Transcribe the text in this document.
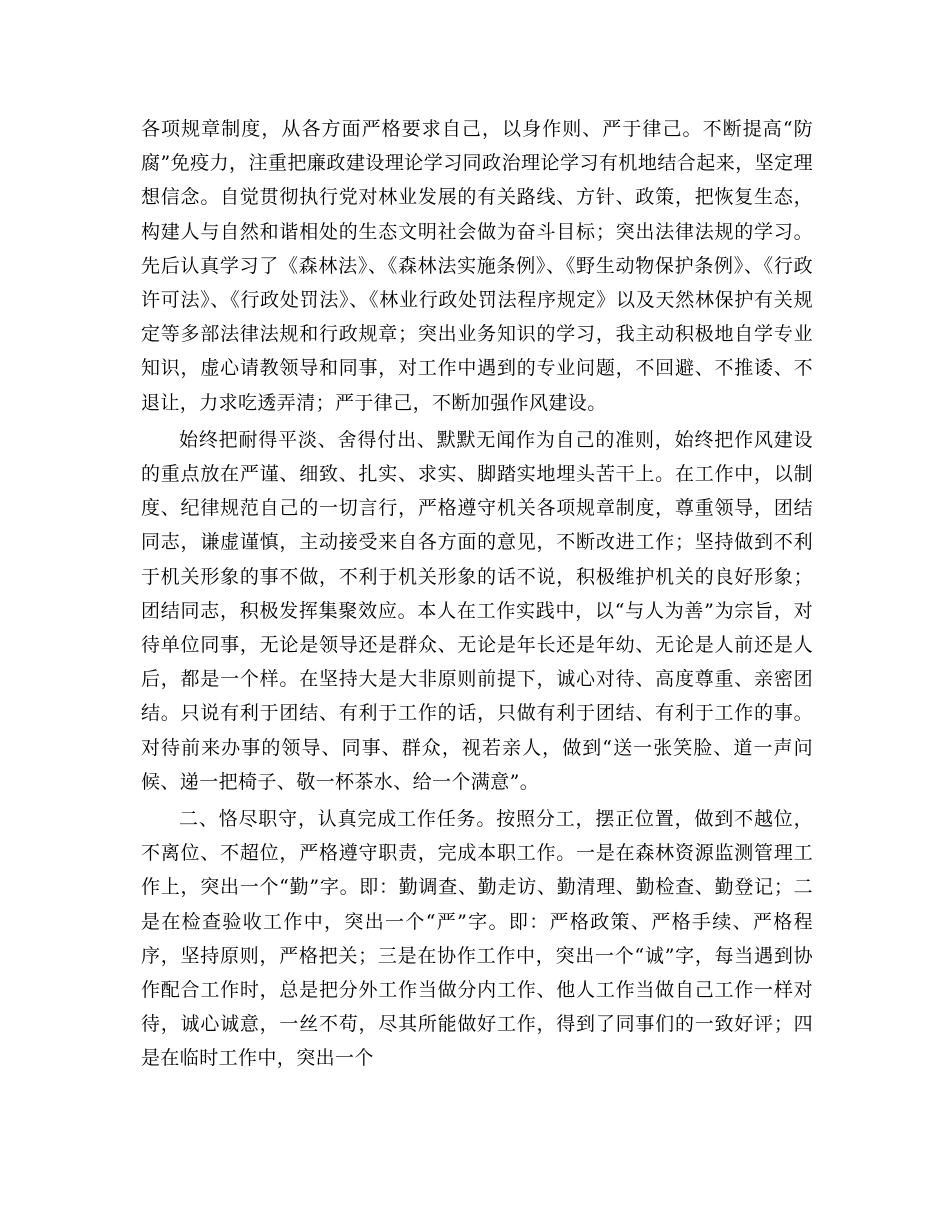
各项规章制度，从各方面严格要求自己，以身作则、严于律己。不断提高“防腐”免疫力，注重把廉政建设理论学习同政治理论学习有机地结合起来，坚定理想信念。自觉贯彻执行党对林业发展的有关路线、方针、政策，把恢复生态，构建人与自然和谐相处的生态文明社会做为奋斗目标；突出法律法规的学习。先后认真学习了《森林法》、《森林法实施条例》、《野生动物保护条例》、《行政许可法》、《行政处罚法》、《林业行政处罚法程序规定》以及天然林保护有关规定等多部法律法规和行政规章；突出业务知识的学习，我主动积极地自学专业知识，虚心请教领导和同事，对工作中遇到的专业问题，不回避、不推诿、不退让，力求吃透弄清；严于律己，不断加强作风建设。

始终把耐得平淡、舍得付出、默默无闻作为自己的准则，始终把作风建设的重点放在严谨、细致、扎实、求实、脚踏实地埋头苦干上。在工作中，以制度、纪律规范自己的一切言行，严格遵守机关各项规章制度，尊重领导，团结同志，谦虚谨慎，主动接受来自各方面的意见，不断改进工作；坚持做到不利于机关形象的事不做，不利于机关形象的话不说，积极维护机关的良好形象；团结同志，积极发挥集聚效应。本人在工作实践中，以“与人为善”为宗旨，对待单位同事，无论是领导还是群众、无论是年长还是年幼、无论是人前还是人后，都是一个样。在坚持大是大非原则前提下，诚心对待、高度尊重、亲密团结。只说有利于团结、有利于工作的话，只做有利于团结、有利于工作的事。对待前来办事的领导、同事、群众，视若亲人，做到“送一张笑脸、道一声问候、递一把椅子、敬一杯茶水、给一个满意”。

二、恪尽职守，认真完成工作任务。按照分工，摆正位置，做到不越位，不离位、不超位，严格遵守职责，完成本职工作。一是在森林资源监测管理工作上，突出一个“勤”字。即：勤调查、勤走访、勤清理、勤检查、勤登记；二是在检查验收工作中，突出一个“严”字。即：严格政策、严格手续、严格程序，坚持原则，严格把关；三是在协作工作中，突出一个“诚”字，每当遇到协作配合工作时，总是把分外工作当做分内工作、他人工作当做自己工作一样对待，诚心诚意，一丝不苟，尽其所能做好工作，得到了同事们的一致好评；四是在临时工作中，突出一个
